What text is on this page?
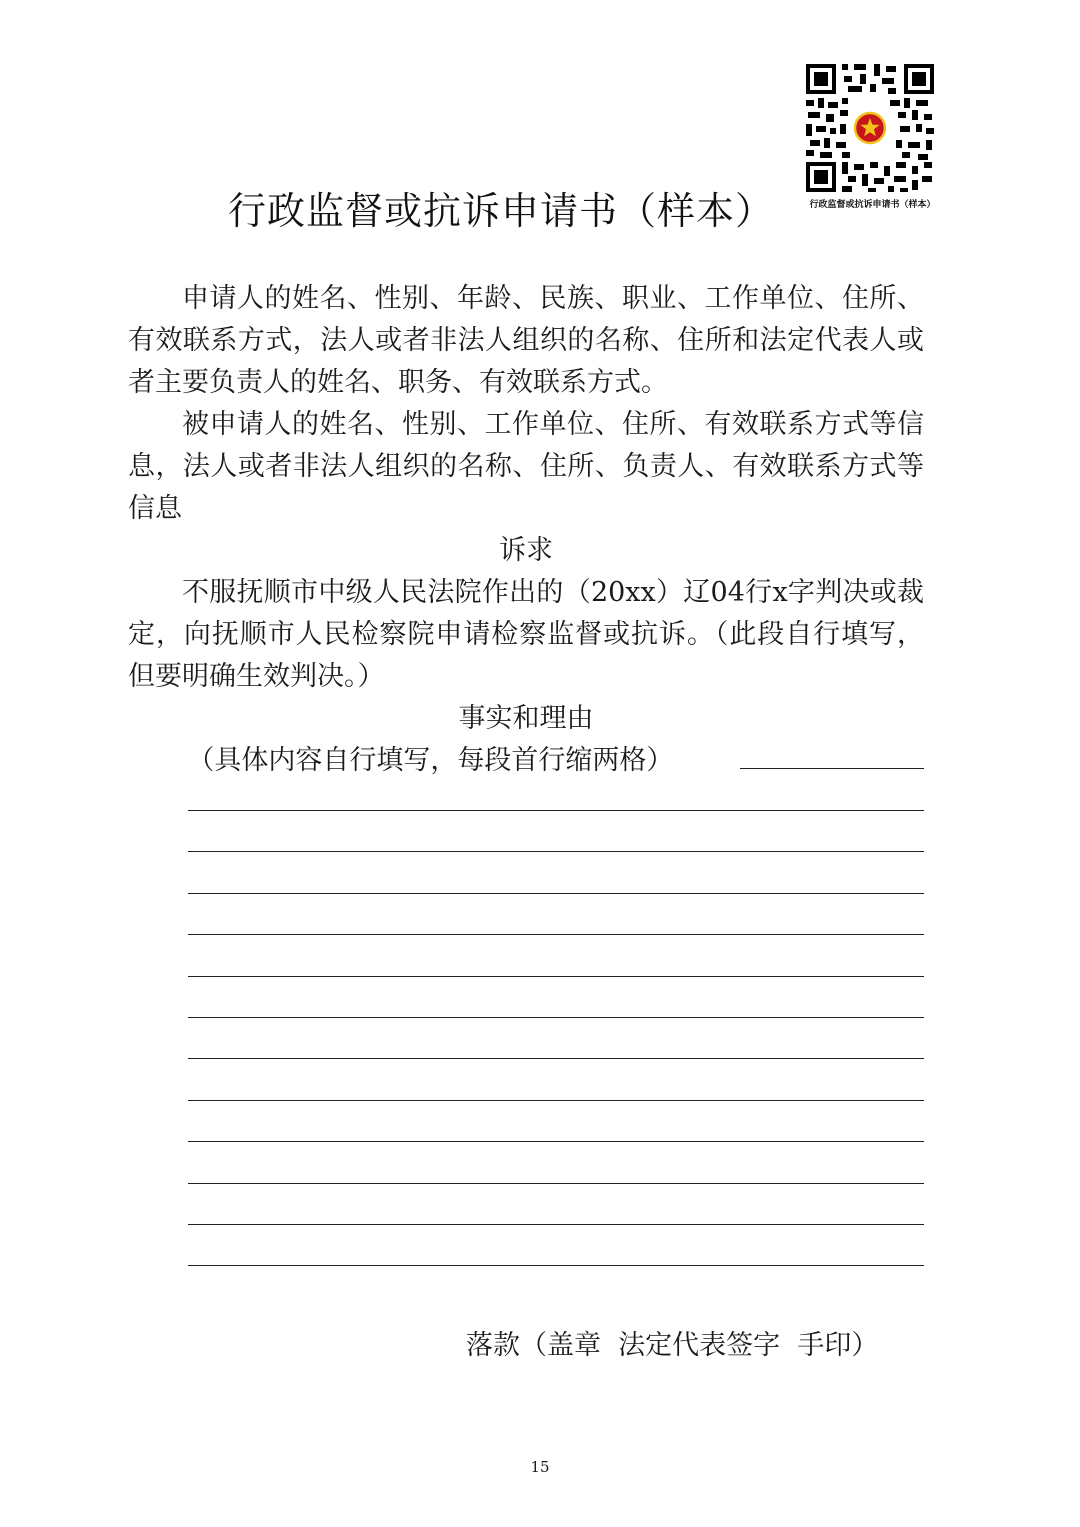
行政监督或抗诉申请书（样本）
行政监督或抗诉申请书（样本）

申请人的姓名、性别、年龄、民族、职业、工作单位、住所、有效联系方式，法人或者非法人组织的名称、住所和法定代表人或者主要负责人的姓名、职务、有效联系方式。

被申请人的姓名、性别、工作单位、住所、有效联系方式等信息，法人或者非法人组织的名称、住所、负责人、有效联系方式等信息

诉求

不服抚顺市中级人民法院作出的（20xx）辽04行x字判决或裁定，向抚顺市人民检察院申请检察监督或抗诉。（此段自行填写，但要明确生效判决。）

事实和理由

（具体内容自行填写，每段首行缩两格）

落款（盖章  法定代表签字  手印）
15
